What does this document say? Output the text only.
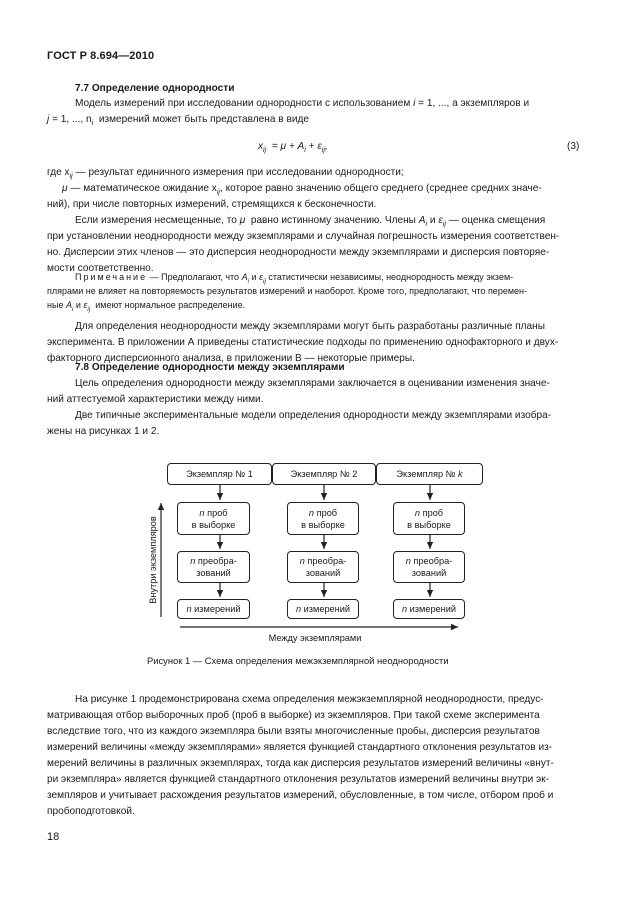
ГОСТ Р 8.694—2010
7.7 Определение однородности
Модель измерений при исследовании однородности с использованием i = 1, ..., a экземпляров и
j = 1, ..., $n_i$ измерений может быть представлена в виде
$x_{ij} = \mu + A_i + \varepsilon_{ij}$,	(3)
где $x_{ij}$ — результат единичного измерения при исследовании однородности;
μ — математическое ожидание $x_{ij}$, которое равно значению общего среднего (среднее средних значе-
ний), при числе повторных измерений, стремящихся к бесконечности.
Если измерения несмещенные, то μ равно истинному значению. Члены $A_i$ и $\varepsilon_{ij}$ — оценка смещения
при установлении неоднородности между экземплярами и случайная погрешность измерения соответствен-
но. Дисперсии этих членов — это дисперсия неоднородности между экземплярами и дисперсия повторяе-
мости соответственно.
Примечание — Предполагают, что $A_i$ и $\varepsilon_{ij}$ статистически независимы, неоднородность между экзем-
плярами не влияет на повторяемость результатов измерений и наоборот. Кроме того, предполагают, что перемен-
ные $A_i$ и $\varepsilon_{ij}$ имеют нормальное распределение.
Для определения неоднородности между экземплярами могут быть разработаны различные планы
эксперимента. В приложении А приведены статистические подходы по применению однофакторного и двух-
факторного дисперсионного анализа, в приложении В — некоторые примеры.
7.8 Определение однородности между экземплярами
Цель определения однородности между экземплярами заключается в оценивании изменения значе-
ний аттестуемой характеристики между ними.
Две типичные экспериментальные модели определения однородности между экземплярами изобра-
жены на рисунках 1 и 2.
Экземпляр № 1	Экземпляр № 2	Экземпляр № k
n проб
в выборке
n проб
в выборке
n проб
в выборке
n преобра-
зований
n преобра-
зований
n преобра-
зований
n измерений	n измерений	n измерений
Внутри экземпляров
Между экземплярами
Рисунок 1 — Схема определения межэкземплярной неоднородности
На рисунке 1 продемонстрирована схема определения межэкземплярной неоднородности, предус-
матривающая отбор выборочных проб (проб в выборке) из экземпляров. При такой схеме эксперимента
вследствие того, что из каждого экземпляра были взяты многочисленные пробы, дисперсия результатов
измерений величины «между экземплярами» является функцией стандартного отклонения результатов из-
мерений величины в различных экземплярах, тогда как дисперсия результатов измерений величины «внут-
ри экземпляра» является функцией стандартного отклонения результатов измерений величины внутри эк-
земпляров и учитывает расхождения результатов измерений, обусловленные, в том числе, отбором проб и
пробоподготовкой.
18
